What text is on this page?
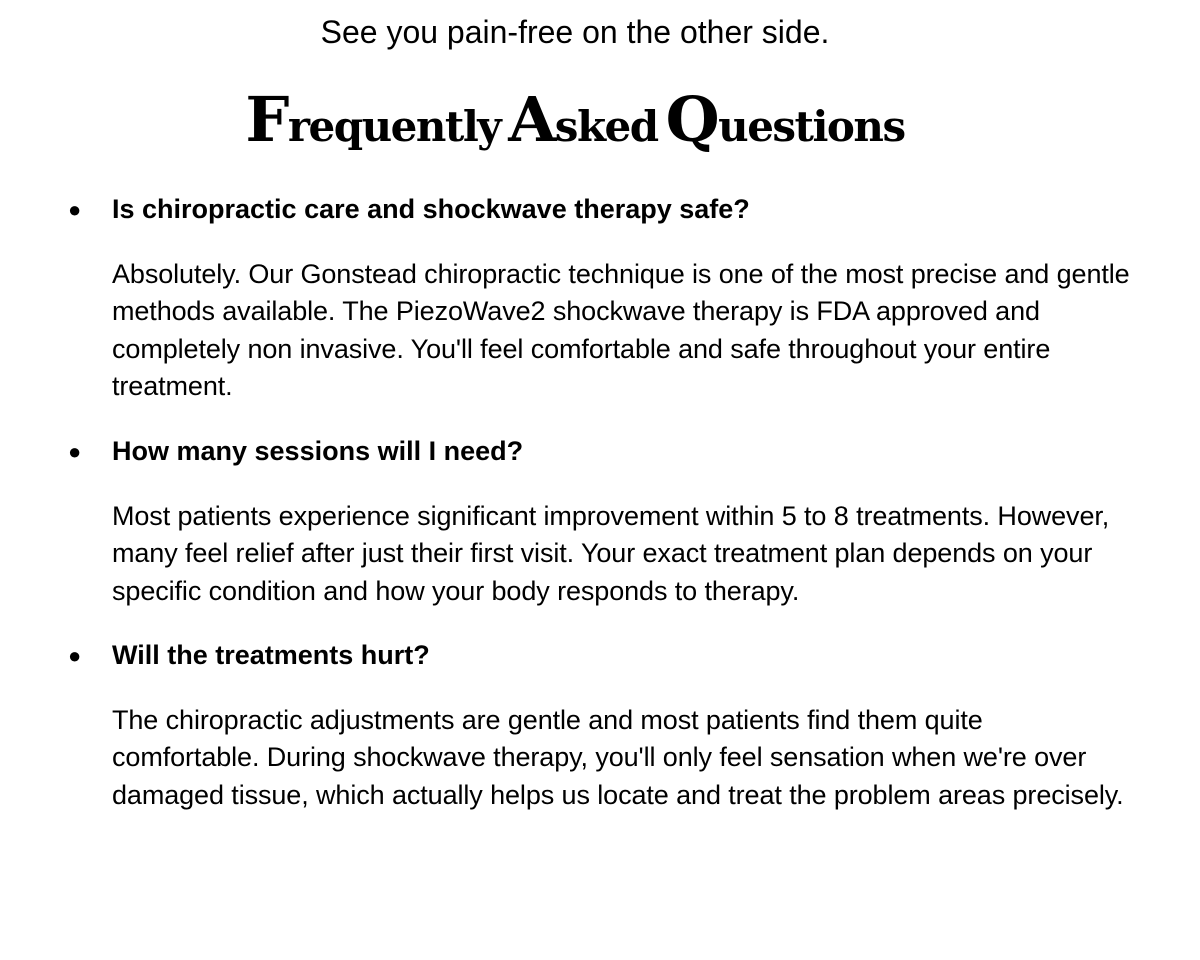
See you pain-free on the other side.
Frequently Asked Questions
● Is chiropractic care and shockwave therapy safe?
Absolutely. Our Gonstead chiropractic technique is one of the most precise and gentle methods available. The PiezoWave2 shockwave therapy is FDA approved and completely non invasive. You'll feel comfortable and safe throughout your entire treatment.
● How many sessions will I need?
Most patients experience significant improvement within 5 to 8 treatments. However, many feel relief after just their first visit. Your exact treatment plan depends on your specific condition and how your body responds to therapy.
● Will the treatments hurt?
The chiropractic adjustments are gentle and most patients find them quite comfortable. During shockwave therapy, you'll only feel sensation when we're over damaged tissue, which actually helps us locate and treat the problem areas precisely.
